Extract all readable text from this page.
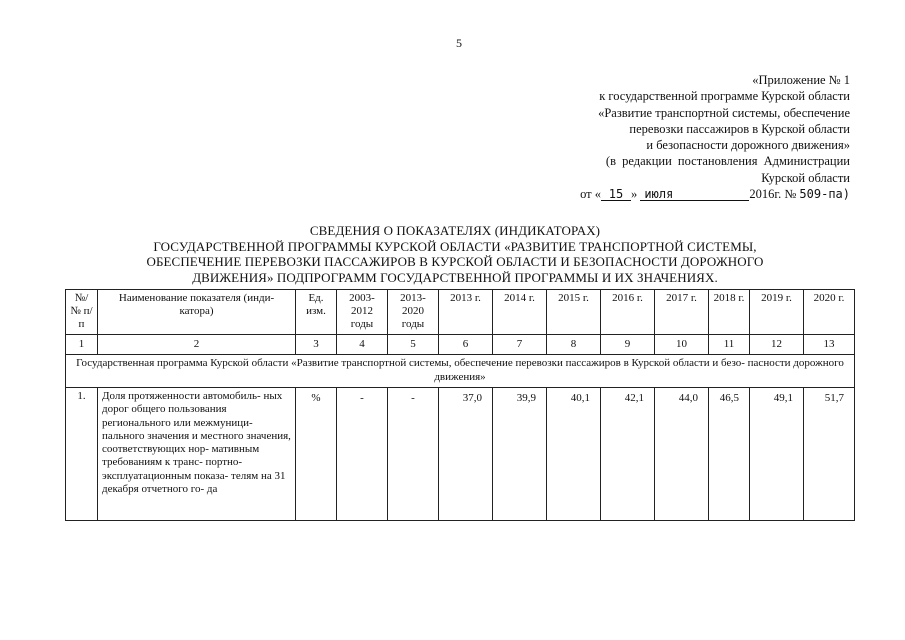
5
«Приложение № 1
к государственной программе Курской области
«Развитие транспортной системы, обеспечение
перевозки пассажиров в Курской области
и безопасности дорожного движения»
(в редакции постановления Администрации
Курской области
от « 15 » июля	2016г. № 509-па)
СВЕДЕНИЯ О ПОКАЗАТЕЛЯХ (ИНДИКАТОРАХ)
ГОСУДАРСТВЕННОЙ ПРОГРАММЫ КУРСКОЙ ОБЛАСТИ «РАЗВИТИЕ ТРАНСПОРТНОЙ СИСТЕМЫ,
ОБЕСПЕЧЕНИЕ ПЕРЕВОЗКИ ПАССАЖИРОВ В КУРСКОЙ ОБЛАСТИ И БЕЗОПАСНОСТИ ДОРОЖНОГО
ДВИЖЕНИЯ» ПОДПРОГРАММ ГОСУДАРСТВЕННОЙ ПРОГРАММЫ И ИХ ЗНАЧЕНИЯХ.
№/ № п/п	Наименование показателя (инди- катора)	Ед. изм.	2003- 2012 годы	2013- 2020 годы	2013 г.	2014 г.	2015 г.	2016 г.	2017 г.	2018 г.	2019 г.	2020 г.
1	2	3	4	5	6	7	8	9	10	11	12	13
Государственная программа Курской области «Развитие транспортной системы, обеспечение перевозки пассажиров в Курской области и безо- пасности дорожного движения»												
1.	Доля протяженности автомобиль- ных дорог общего пользования регионального или межмуници- пального значения и местного значения, соответствующих нор- мативным требованиям к транс- портно-эксплуатационным показа- телям на 31 декабря отчетного го- да	%	-	-	37,0	39,9	40,1	42,1	44,0	46,5	49,1	51,7
